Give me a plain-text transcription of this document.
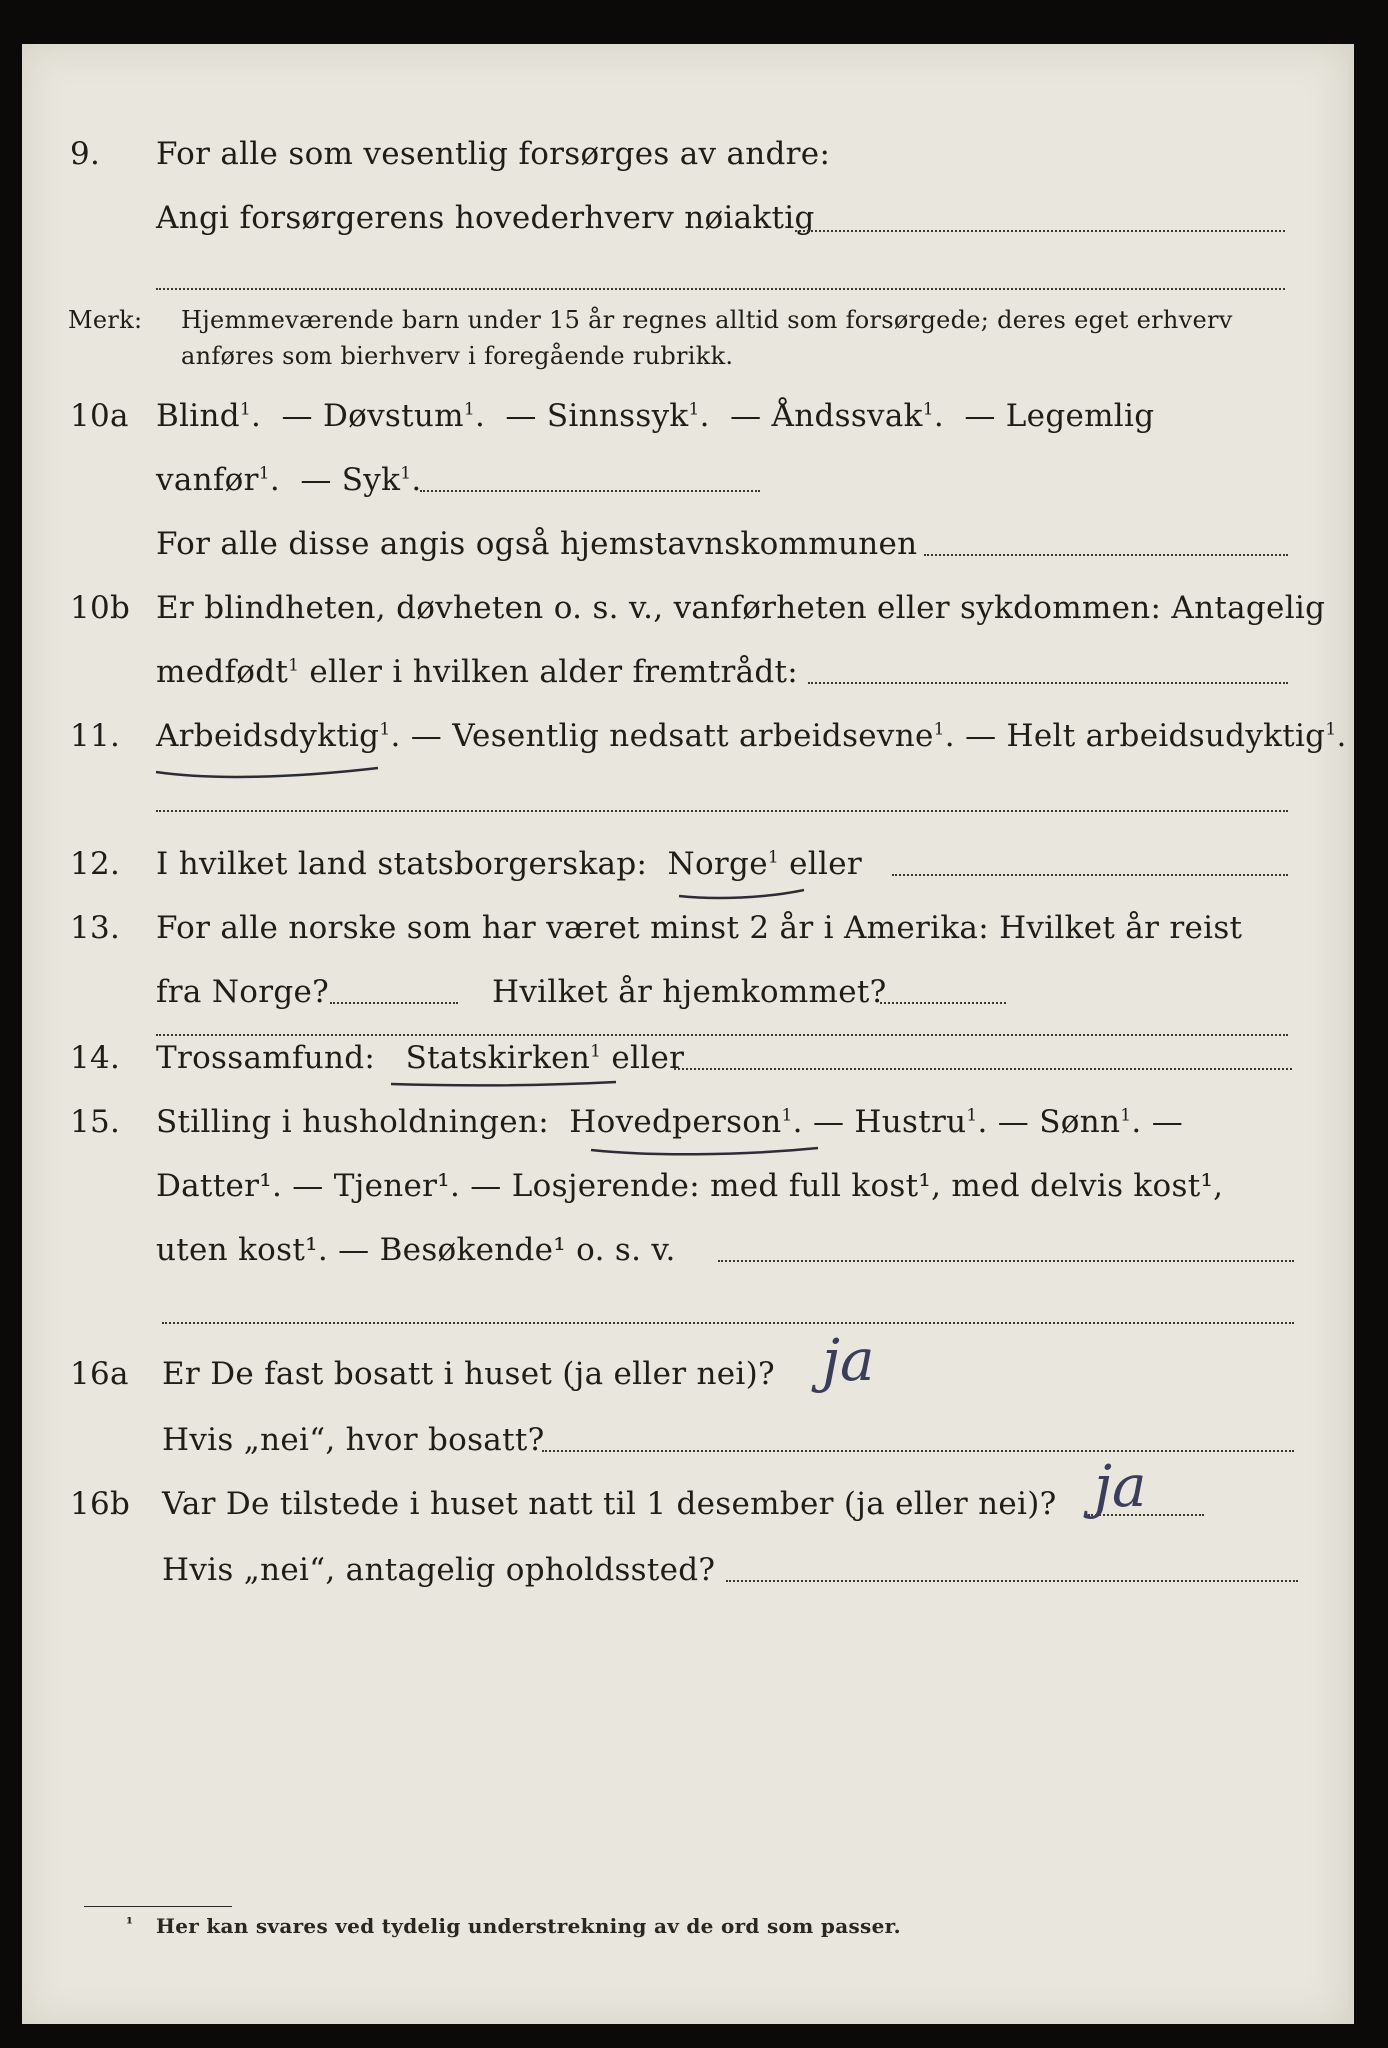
9. For alle som vesentlig forsørges av andre:
Angi forsørgerens hovederhverv nøiaktig
Merk: Hjemmeværende barn under 15 år regnes alltid som forsørgede; deres eget erhverv
anføres som bierhverv i foregående rubrikk.
10a Blind$^1$.  — Døvstum$^1$.  — Sinnssyk$^1$.  — Åndssvak$^1$.  — Legemlig
vanfør$^1$.  — Syk$^1$.
For alle disse angis også hjemstavnskommunen
10b Er blindheten, døvheten o. s. v., vanførheten eller sykdommen: Antagelig
medfødt$^1$ eller i hvilken alder fremtrådt:
11. Arbeidsdyktig$^1$. — Vesentlig nedsatt arbeidsevne$^1$. — Helt arbeidsudyktig$^1$.
12. I hvilket land statsborgerskap: Norge$^1$ eller
13. For alle norske som har været minst 2 år i Amerika: Hvilket år reist
fra Norge?	Hvilket år hjemkommet?
14. Trossamfund: Statskirken$^1$ eller
15. Stilling i husholdningen: Hovedperson$^1$. — Hustru$^1$. — Sønn$^1$. —
Datter¹. — Tjener¹. — Losjerende: med full kost¹, med delvis kost¹,
uten kost¹. — Besøkende¹ o. s. v.
16a Er De fast bosatt i huset (ja eller nei)? ja
Hvis „nei“, hvor bosatt?
16b Var De tilstede i huset natt til 1 desember (ja eller nei)? ja
Hvis „nei“, antagelig opholdssted?
¹ Her kan svares ved tydelig understrekning av de ord som passer.
